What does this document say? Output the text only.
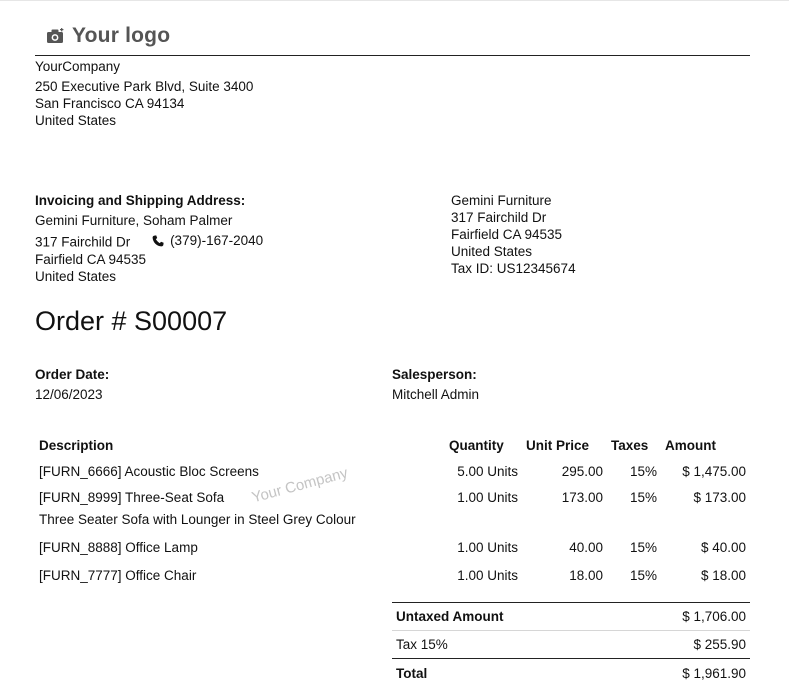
Your logo
YourCompany
250 Executive Park Blvd, Suite 3400
San Francisco CA 94134
United States
Invoicing and Shipping Address:
Gemini Furniture, Soham Palmer
317 Fairchild Dr	(379)-167-2040
Fairfield CA 94535
United States
Gemini Furniture
317 Fairchild Dr
Fairfield CA 94535
United States
Tax ID: US12345674
Order # S00007
Order Date:
12/06/2023
Salesperson:
Mitchell Admin
Description	Quantity	Unit Price	Taxes	Amount
[FURN_6666] Acoustic Bloc Screens	5.00 Units	295.00	15%	$ 1,475.00
[FURN_8999] Three-Seat Sofa	1.00 Units	173.00	15%	$ 173.00
Three Seater Sofa with Lounger in Steel Grey Colour				
[FURN_8888] Office Lamp	1.00 Units	40.00	15%	$ 40.00
[FURN_7777] Office Chair	1.00 Units	18.00	15%	$ 18.00
Your Company
Untaxed Amount	$ 1,706.00
Tax 15%	$ 255.90
Total	$ 1,961.90
